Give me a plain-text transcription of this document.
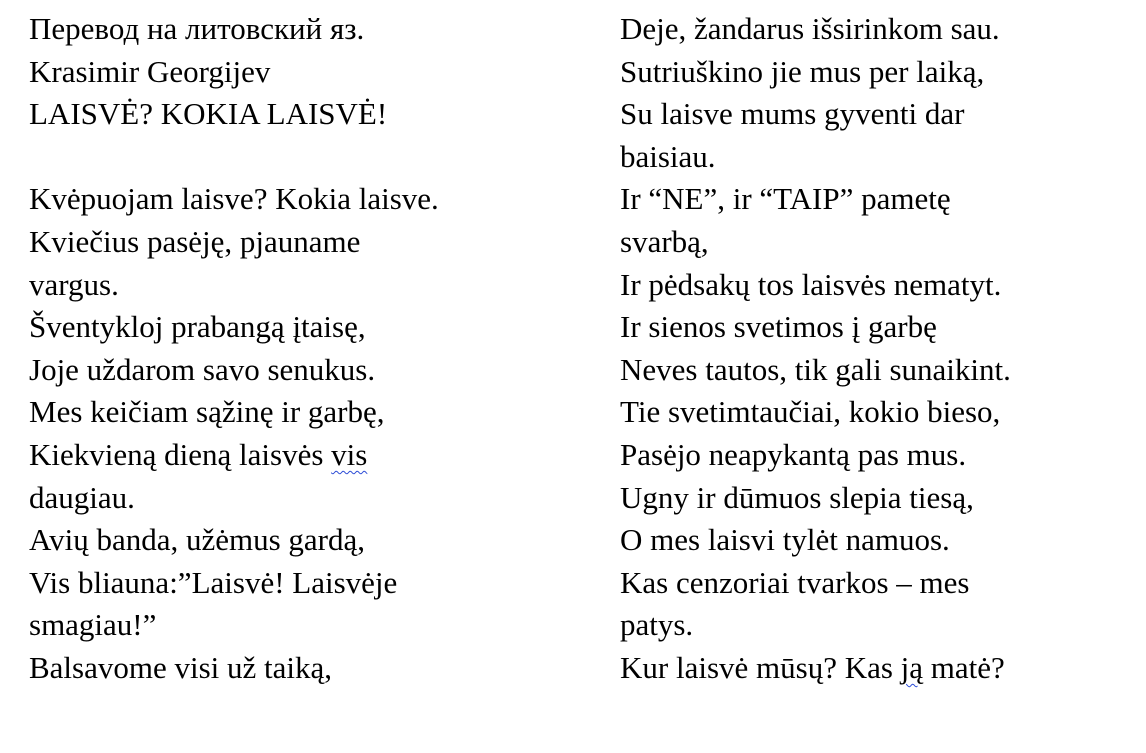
Перевод на литовский яз.
Krasimir Georgijev
LAISVĖ? KOKIA LAISVĖ!
Kvėpuojam laisve? Kokia laisve.
Kviečius pasėję, pjauname
vargus.
Šventykloj prabangą įtaisę,
Joje uždarom savo senukus.
Mes keičiam sąžinę ir garbę,
Kiekvieną dieną laisvės vis
daugiau.
Avių banda, užėmus gardą,
Vis bliauna:”Laisvė! Laisvėje
smagiau!”
Balsavome visi už taiką,
Deje, žandarus išsirinkom sau.
Sutriuškino jie mus per laiką,
Su laisve mums gyventi dar
baisiau.
Ir “NE”, ir “TAIP” pametę
svarbą,
Ir pėdsakų tos laisvės nematyt.
Ir sienos svetimos į garbę
Neves tautos, tik gali sunaikint.
Tie svetimtaučiai, kokio bieso,
Pasėjo neapykantą pas mus.
Ugny ir dūmuos slepia tiesą,
O mes laisvi tylėt namuos.
Kas cenzoriai tvarkos – mes
patys.
Kur laisvė mūsų? Kas ją matė?
